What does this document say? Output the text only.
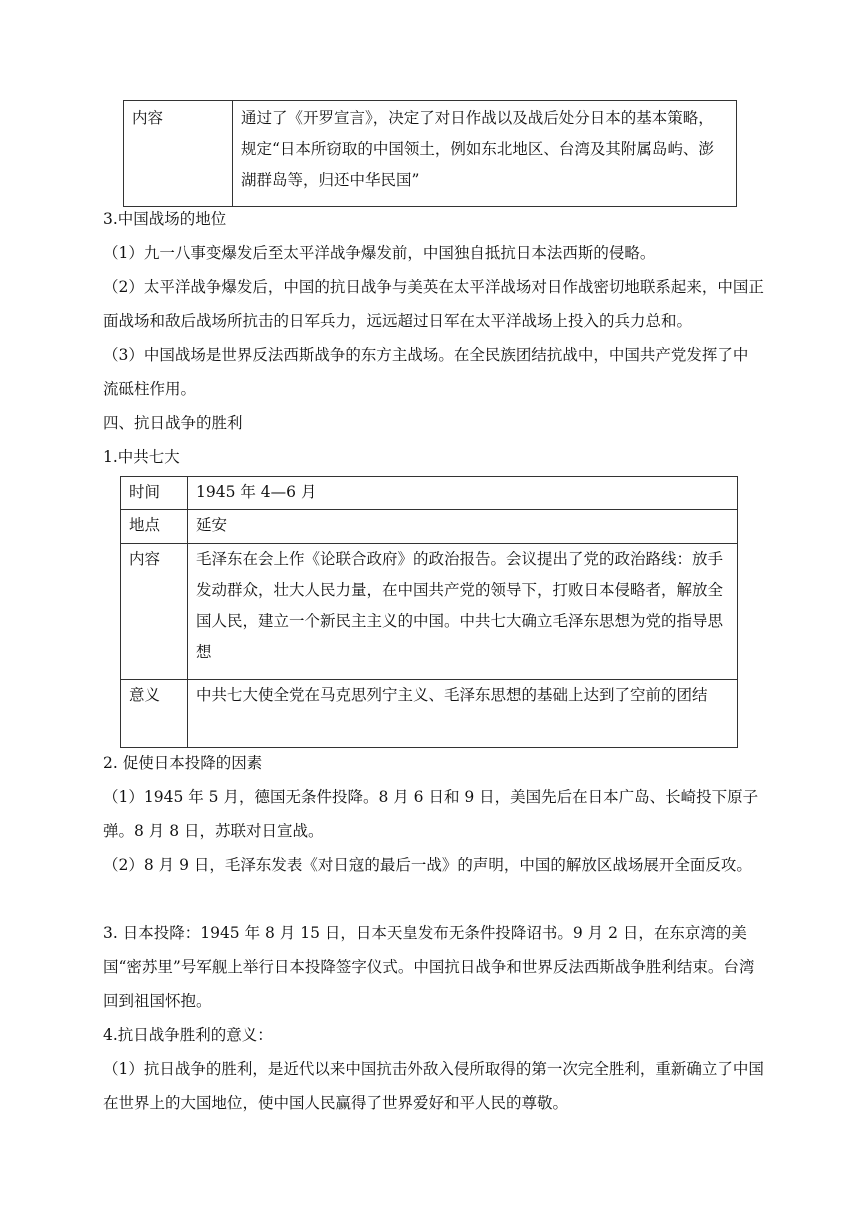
内容	通过了《开罗宣言》，决定了对日作战以及战后处分日本的基本策略，规定“日本所窃取的中国领土，例如东北地区、台湾及其附属岛屿、澎湖群岛等，归还中华民国”

3.中国战场的地位

（1）九一八事变爆发后至太平洋战争爆发前，中国独自抵抗日本法西斯的侵略。

（2）太平洋战争爆发后，中国的抗日战争与美英在太平洋战场对日作战密切地联系起来，中国正面战场和敌后战场所抗击的日军兵力，远远超过日军在太平洋战场上投入的兵力总和。

（3）中国战场是世界反法西斯战争的东方主战场。在全民族团结抗战中，中国共产党发挥了中流砥柱作用。

四、抗日战争的胜利

1.中共七大

时间	1945 年 4—6 月
地点	延安
内容	毛泽东在会上作《论联合政府》的政治报告。会议提出了党的政治路线：放手发动群众，壮大人民力量，在中国共产党的领导下，打败日本侵略者，解放全国人民，建立一个新民主主义的中国。中共七大确立毛泽东思想为党的指导思想
意义	中共七大使全党在马克思列宁主义、毛泽东思想的基础上达到了空前的团结

2. 促使日本投降的因素

（1）1945 年 5 月，德国无条件投降。8 月 6 日和 9 日，美国先后在日本广岛、长崎投下原子弹。8 月 8 日，苏联对日宣战。

（2）8 月 9 日，毛泽东发表《对日寇的最后一战》的声明，中国的解放区战场展开全面反攻。

3. 日本投降：1945 年 8 月 15 日，日本天皇发布无条件投降诏书。9 月 2 日，在东京湾的美国“密苏里”号军舰上举行日本投降签字仪式。中国抗日战争和世界反法西斯战争胜利结束。台湾回到祖国怀抱。

4.抗日战争胜利的意义：

（1）抗日战争的胜利，是近代以来中国抗击外敌入侵所取得的第一次完全胜利，重新确立了中国在世界上的大国地位，使中国人民赢得了世界爱好和平人民的尊敬。
